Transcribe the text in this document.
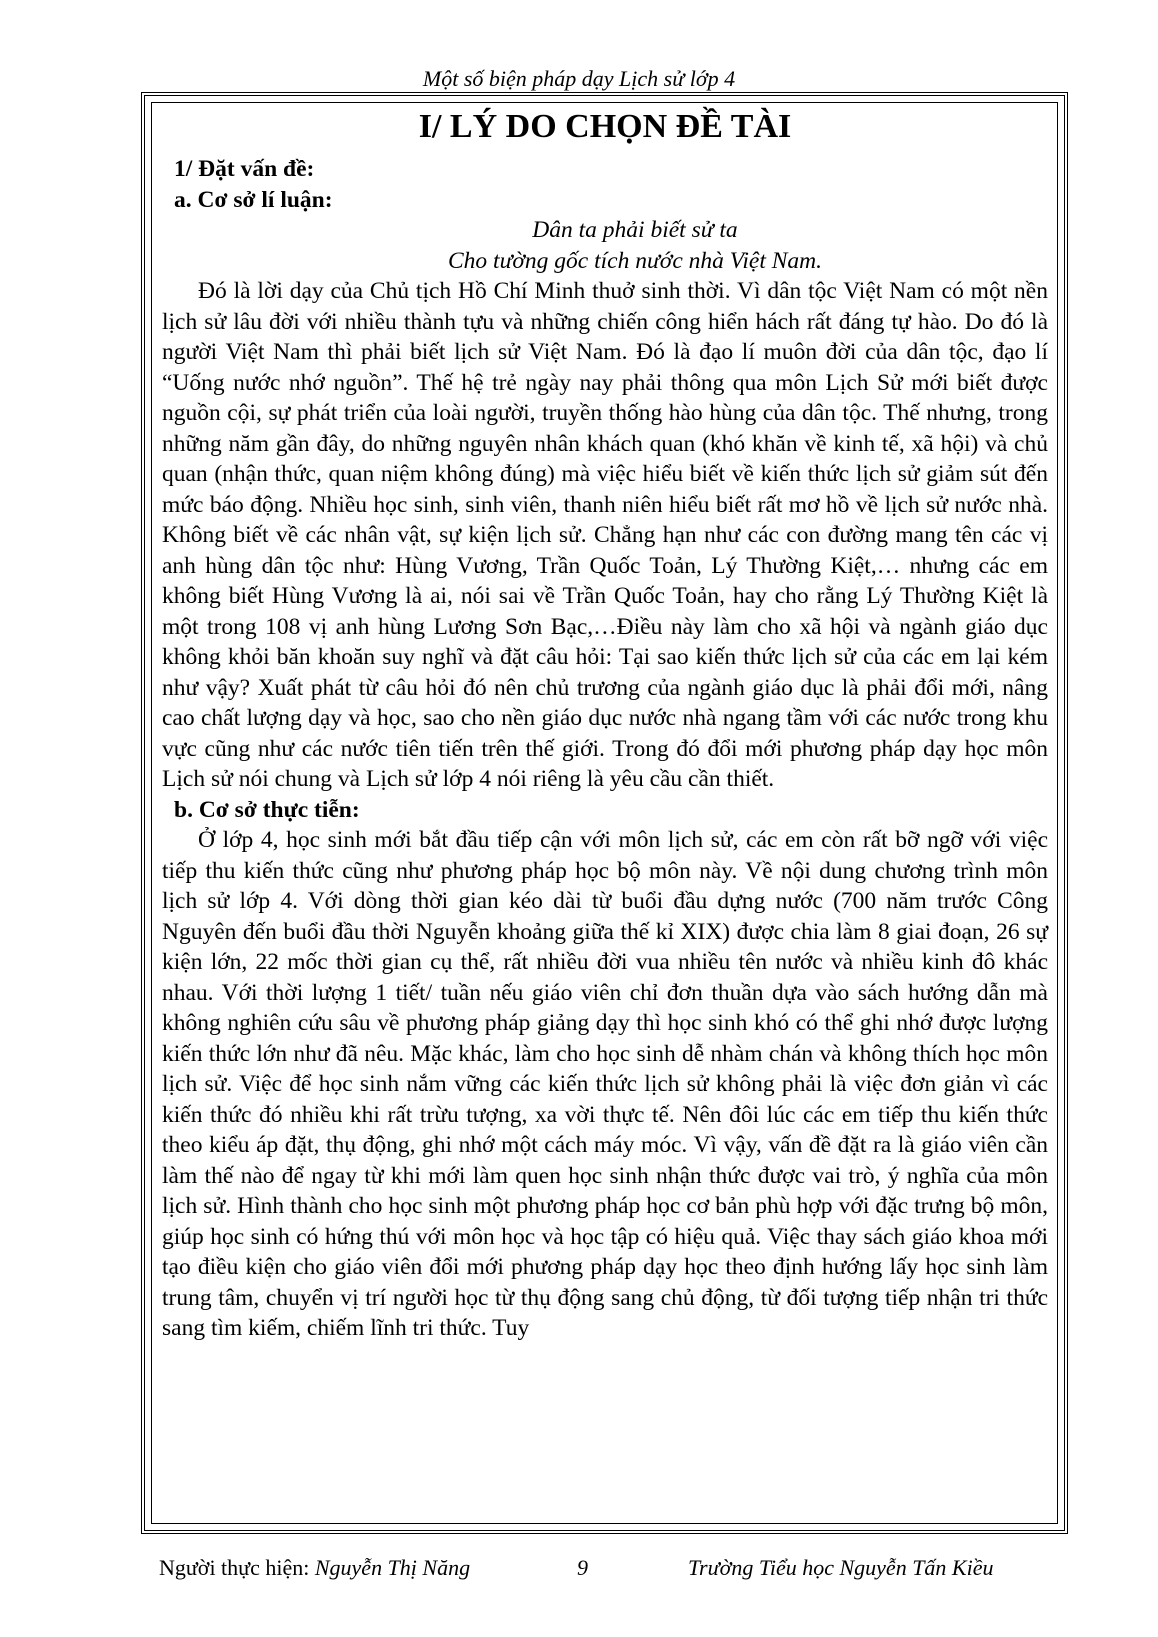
Một số biện pháp dạy Lịch sử lớp 4
I/ LÝ DO CHỌN ĐỀ TÀI
1/ Đặt vấn đề:
a. Cơ sở lí luận:
Dân ta phải biết sử ta
Cho tường gốc tích nước nhà Việt Nam.

Đó là lời dạy của Chủ tịch Hồ Chí Minh thuở sinh thời. Vì dân tộc Việt Nam có một nền lịch sử lâu đời với nhiều thành tựu và những chiến công hiển hách rất đáng tự hào. Do đó là người Việt Nam thì phải biết lịch sử Việt Nam. Đó là đạo lí muôn đời của dân tộc, đạo lí “Uống nước nhớ nguồn”. Thế hệ trẻ ngày nay phải thông qua môn Lịch Sử mới biết được nguồn cội, sự phát triển của loài người, truyền thống hào hùng của dân tộc. Thế nhưng, trong những năm gần đây, do những nguyên nhân khách quan (khó khăn về kinh tế, xã hội) và chủ quan (nhận thức, quan niệm không đúng) mà việc hiểu biết về kiến thức lịch sử giảm sút đến mức báo động. Nhiều học sinh, sinh viên, thanh niên hiểu biết rất mơ hồ về lịch sử nước nhà. Không biết về các nhân vật, sự kiện lịch sử. Chẳng hạn như các con đường mang tên các vị anh hùng dân tộc như: Hùng Vương, Trần Quốc Toản, Lý Thường Kiệt,… nhưng các em không biết Hùng Vương là ai, nói sai về Trần Quốc Toản, hay cho rằng Lý Thường Kiệt là một trong 108 vị anh hùng Lương Sơn Bạc,…Điều này làm cho xã hội và ngành giáo dục không khỏi băn khoăn suy nghĩ và đặt câu hỏi: Tại sao kiến thức lịch sử của các em lại kém như vậy? Xuất phát từ câu hỏi đó nên chủ trương của ngành giáo dục là phải đổi mới, nâng cao chất lượng dạy và học, sao cho nền giáo dục nước nhà ngang tầm với các nước trong khu vực cũng như các nước tiên tiến trên thế giới. Trong đó đổi mới phương pháp dạy học môn Lịch sử nói chung và Lịch sử lớp 4 nói riêng là yêu cầu cần thiết.

b. Cơ sở thực tiễn:

Ở lớp 4, học sinh mới bắt đầu tiếp cận với môn lịch sử, các em còn rất bỡ ngỡ với việc tiếp thu kiến thức cũng như phương pháp học bộ môn này. Về nội dung chương trình môn lịch sử lớp 4. Với dòng thời gian kéo dài từ buổi đầu dựng nước (700 năm trước Công Nguyên đến buổi đầu thời Nguyễn khoảng giữa thế kỉ XIX) được chia làm 8 giai đoạn, 26 sự kiện lớn, 22 mốc thời gian cụ thể, rất nhiều đời vua nhiều tên nước và nhiều kinh đô khác nhau. Với thời lượng 1 tiết/ tuần nếu giáo viên chỉ đơn thuần dựa vào sách hướng dẫn mà không nghiên cứu sâu về phương pháp giảng dạy thì học sinh khó có thể ghi nhớ được lượng kiến thức lớn như đã nêu. Mặc khác, làm cho học sinh dễ nhàm chán và không thích học môn lịch sử. Việc để học sinh nắm vững các kiến thức lịch sử không phải là việc đơn giản vì các kiến thức đó nhiều khi rất trừu tượng, xa vời thực tế. Nên đôi lúc các em tiếp thu kiến thức theo kiểu áp đặt, thụ động, ghi nhớ một cách máy móc. Vì vậy, vấn đề đặt ra là giáo viên cần làm thế nào để ngay từ khi mới làm quen học sinh nhận thức được vai trò, ý nghĩa của môn lịch sử. Hình thành cho học sinh một phương pháp học cơ bản phù hợp với đặc trưng bộ môn, giúp học sinh có hứng thú với môn học và học tập có hiệu quả. Việc thay sách giáo khoa mới tạo điều kiện cho giáo viên đổi mới phương pháp dạy học theo định hướng lấy học sinh làm trung tâm, chuyển vị trí người học từ thụ động sang chủ động, từ đối tượng tiếp nhận tri thức sang tìm kiếm, chiếm lĩnh tri thức. Tuy

Người thực hiện: Nguyễn Thị Năng	9	Trường Tiểu học Nguyễn Tấn Kiều
